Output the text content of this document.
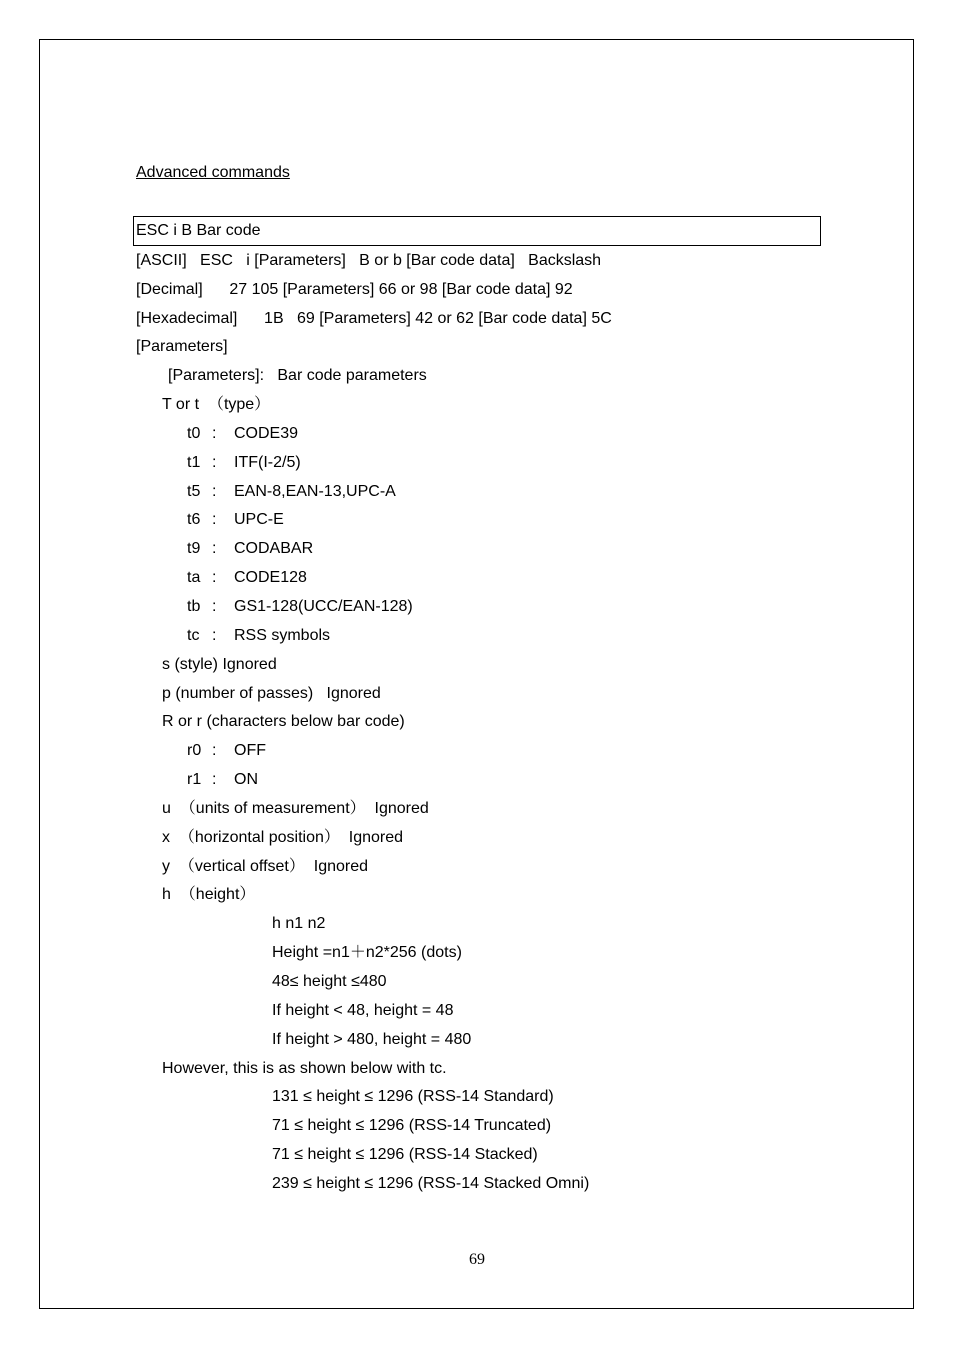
Advanced commands
ESC i B Bar code
[ASCII]   ESC   i [Parameters]   B or b [Bar code data]   Backslash
[Decimal]      27 105 [Parameters] 66 or 98 [Bar code data] 92
[Hexadecimal]      1B   69 [Parameters] 42 or 62 [Bar code data] 5C
[Parameters]
[Parameters]:   Bar code parameters
T or t  （type）
t0 : CODE39
t1 : ITF(I-2/5)
t5 : EAN-8,EAN-13,UPC-A
t6 : UPC-E
t9 : CODABAR
ta : CODE128
tb : GS1-128(UCC/EAN-128)
tc : RSS symbols
s (style) Ignored
p (number of passes)   Ignored
R or r (characters below bar code)
r0 : OFF
r1 : ON
u  （units of measurement）  Ignored
x  （horizontal position）  Ignored
y  （vertical offset）  Ignored
h  （height）
h n1 n2
Height =n1＋n2*256 (dots)
48≤ height ≤480
If height < 48, height = 48
If height > 480, height = 480
However, this is as shown below with tc.
131 ≤ height ≤ 1296 (RSS-14 Standard)
71 ≤ height ≤ 1296 (RSS-14 Truncated)
71 ≤ height ≤ 1296 (RSS-14 Stacked)
239 ≤ height ≤ 1296 (RSS-14 Stacked Omni)
69
